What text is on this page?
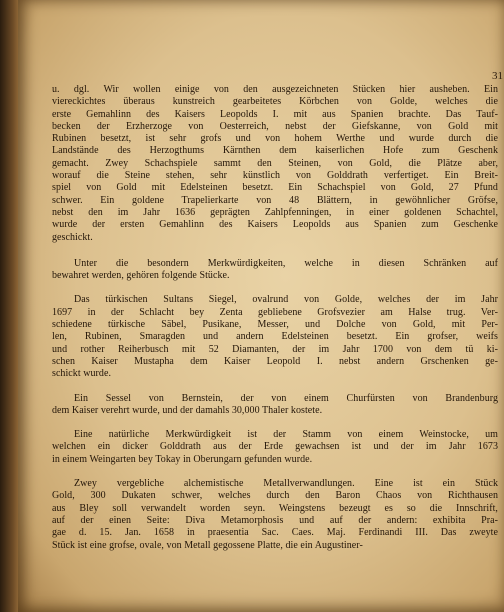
31
u. dgl. Wir wollen einige von den ausgezeichneten Stücken hier ausheben. Ein
viereckichtes überaus kunstreich gearbeitetes Körbchen von Golde, welches die
erste Gemahlinn des Kaisers Leopolds I. mit aus Spanien brachte. Das Tauf-
becken der Erzherzoge von Oesterreich, nebst der Giefskanne, von Gold mit
Rubinen besetzt, ist sehr grofs und von hohem Werthe und wurde durch die
Landstände des Herzogthums Kärnthen dem kaiserlichen Hofe zum Geschenk
gemacht. Zwey Schachspiele sammt den Steinen, von Gold, die Plätze aber,
worauf die Steine stehen, sehr künstlich von Golddrath verfertiget. Ein Breit-
spiel von Gold mit Edelsteinen besetzt. Ein Schachspiel von Gold, 27 Pfund
schwer. Ein goldene Trapelierkarte von 48 Blättern, in gewöhnlicher Gröfse,
nebst den im Jahr 1636 geprägten Zahlpfenningen, in einer goldenen Schachtel,
wurde der ersten Gemahlinn des Kaisers Leopolds aus Spanien zum Geschenke
geschickt.
Unter die besondern Merkwürdigkeiten, welche in diesen Schränken auf
bewahret werden, gehören folgende Stücke.
Das türkischen Sultans Siegel, ovalrund von Golde, welches der im Jahr
1697 in der Schlacht bey Zenta gebliebene Grofsvezier am Halse trug. Ver-
schiedene türkische Säbel, Pusikane, Messer, und Dolche von Gold, mit Per-
len, Rubinen, Smaragden und andern Edelsteinen besetzt. Ein grofser, weifs
und rother Reiherbusch mit 52 Diamanten, der im Jahr 1700 von dem tü ki-
schen Kaiser Mustapha dem Kaiser Leopold I. nebst andern Grschenken ge-
schickt wurde.
Ein Sessel von Bernstein, der von einem Churfürsten von Brandenburg
dem Kaiser verehrt wurde, und der damahls 30,000 Thaler kostete.
Eine natürliche Merkwürdigkeit ist der Stamm von einem Weinstocke, um
welchen ein dicker Golddrath aus der Erde gewachsen ist und der im Jahr 1673
in einem Weingarten bey Tokay in Oberungarn gefunden wurde.
Zwey vergebliche alchemistische Metallverwandlungen. Eine ist ein Stück
Gold, 300 Dukaten schwer, welches durch den Baron Chaos von Richthausen
aus Bley soll verwandelt worden seyn. Weingstens bezeugt es so die Innschrift,
auf der einen Seite: Diva Metamorphosis und auf der andern: exhibita Pra-
gae d. 15. Jan. 1658 in praesentia Sac. Caes. Maj. Ferdinandi III. Das zweyte
Stück ist eine grofse, ovale, von Metall gegossene Platte, die ein Augustiner-
